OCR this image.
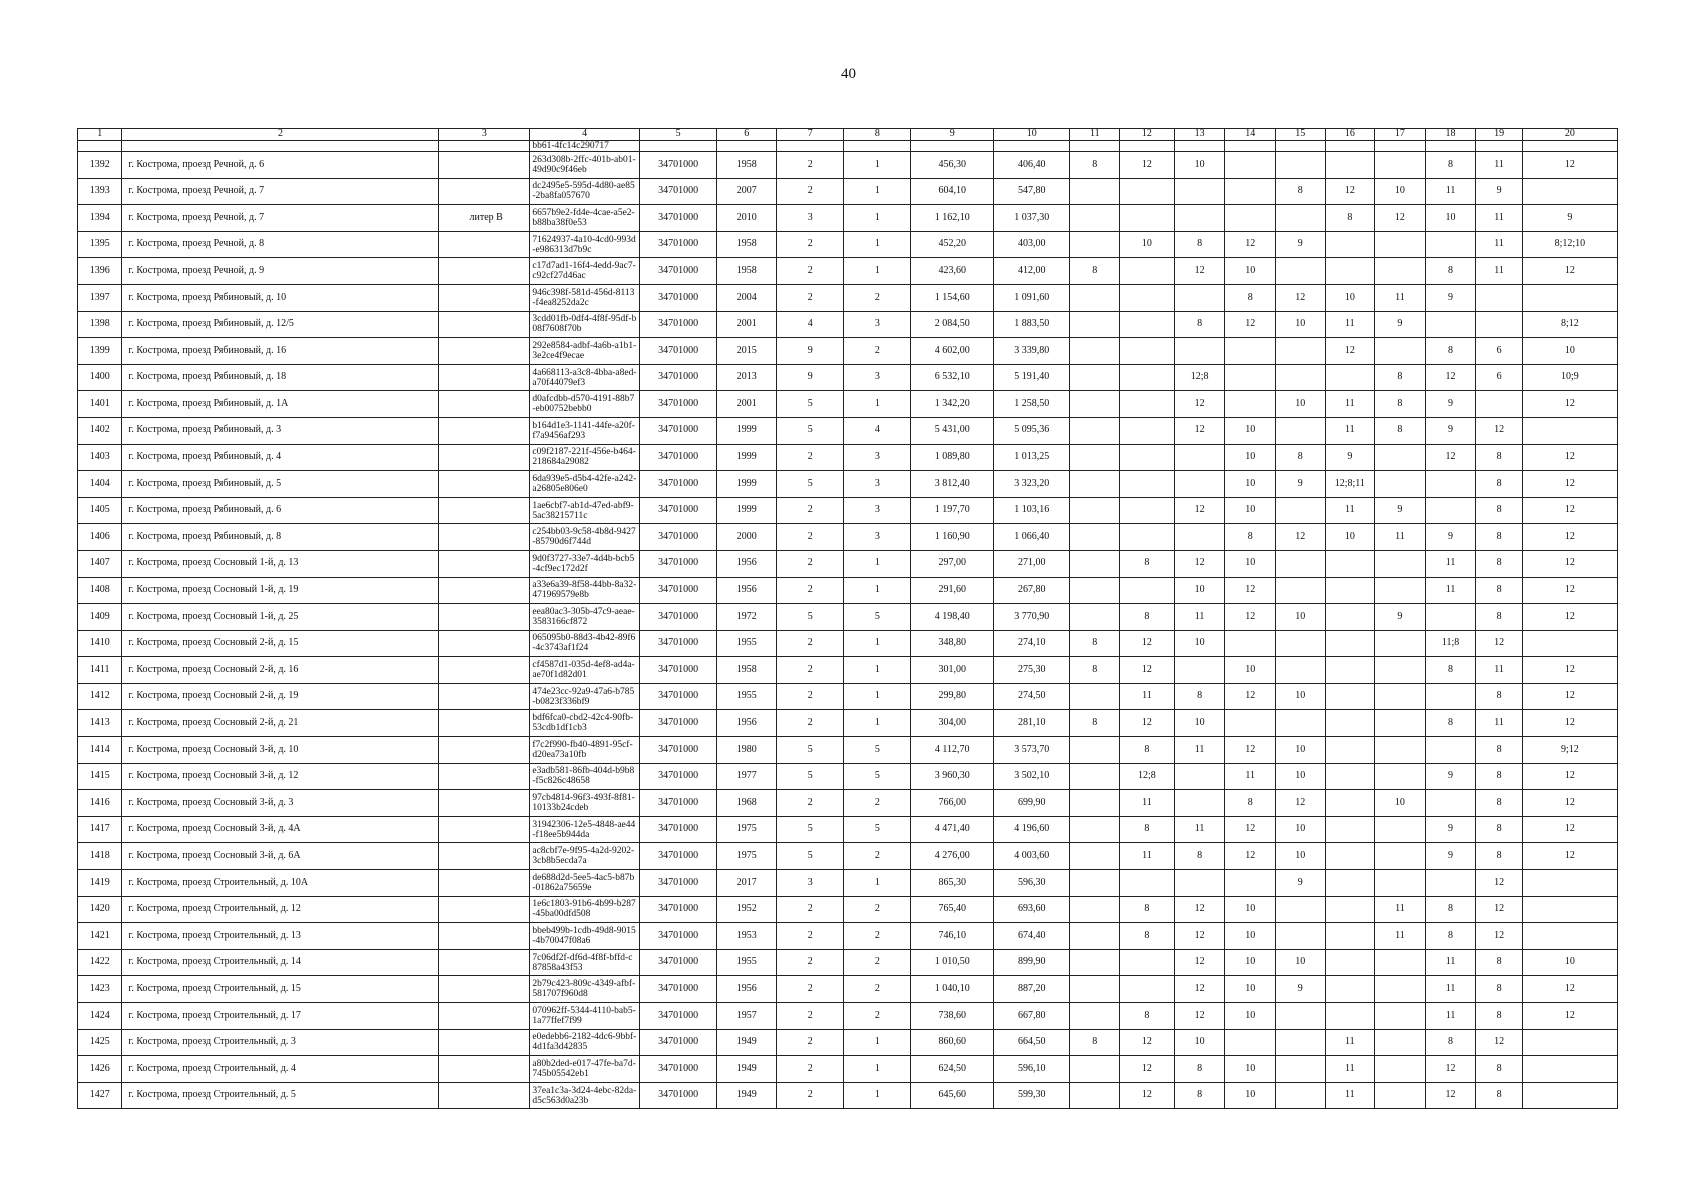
40
1	2	3	4	5	6	7	8	9	10	11	12	13	14	15	16	17	18	19	20
			bb61-4fc14c290717																
1392	г. Кострома, проезд Речной, д. 6		263d308b-2ffc-401b-ab01-49d90c9f46eb	34701000	1958	2	1	456,30	406,40	8	12	10					8	11	12
1393	г. Кострома, проезд Речной, д. 7		dc2495e5-595d-4d80-ae85-2ba8fa057670	34701000	2007	2	1	604,10	547,80					8	12	10	11	9	
1394	г. Кострома, проезд Речной, д. 7	литер В	6657b9e2-fd4e-4cae-a5e2-b88ba38f0e53	34701000	2010	3	1	1 162,10	1 037,30						8	12	10	11	9
1395	г. Кострома, проезд Речной, д. 8		71624937-4a10-4cd0-993d-e986313d7b9c	34701000	1958	2	1	452,20	403,00		10	8	12	9				11	8;12;10
1396	г. Кострома, проезд Речной, д. 9		c17d7ad1-16f4-4edd-9ac7-c92cf27d46ac	34701000	1958	2	1	423,60	412,00	8		12	10				8	11	12
1397	г. Кострома, проезд Рябиновый, д. 10		946c398f-581d-456d-8113-f4ea8252da2c	34701000	2004	2	2	1 154,60	1 091,60				8	12	10	11	9		
1398	г. Кострома, проезд Рябиновый, д. 12/5		3cdd01fb-0df4-4f8f-95df-b08f7608f70b	34701000	2001	4	3	2 084,50	1 883,50			8	12	10	11	9			8;12
1399	г. Кострома, проезд Рябиновый, д. 16		292e8584-adbf-4a6b-a1b1-3e2ce4f9ecae	34701000	2015	9	2	4 602,00	3 339,80						12		8	6	10
1400	г. Кострома, проезд Рябиновый, д. 18		4a668113-a3c8-4bba-a8ed-a70f44079ef3	34701000	2013	9	3	6 532,10	5 191,40			12;8				8	12	6	10;9
1401	г. Кострома, проезд Рябиновый, д. 1А		d0afcdbb-d570-4191-88b7-eb00752bebb0	34701000	2001	5	1	1 342,20	1 258,50			12		10	11	8	9		12
1402	г. Кострома, проезд Рябиновый, д. 3		b164d1e3-1141-44fe-a20f-f7a9456af293	34701000	1999	5	4	5 431,00	5 095,36			12	10		11	8	9	12	
1403	г. Кострома, проезд Рябиновый, д. 4		c09f2187-221f-456e-b464-218684a29082	34701000	1999	2	3	1 089,80	1 013,25				10	8	9		12	8	12
1404	г. Кострома, проезд Рябиновый, д. 5		6da939e5-d5b4-42fe-a242-a26805e806e0	34701000	1999	5	3	3 812,40	3 323,20				10	9	12;8;11			8	12
1405	г. Кострома, проезд Рябиновый, д. 6		1ae6cbf7-ab1d-47ed-abf9-5ac38215711c	34701000	1999	2	3	1 197,70	1 103,16			12	10		11	9		8	12
1406	г. Кострома, проезд Рябиновый, д. 8		c254bb03-9c58-4b8d-9427-85790d6f744d	34701000	2000	2	3	1 160,90	1 066,40				8	12	10	11	9	8	12
1407	г. Кострома, проезд Сосновый 1-й, д. 13		9d0f3727-33e7-4d4b-bcb5-4cf9ec172d2f	34701000	1956	2	1	297,00	271,00		8	12	10				11	8	12
1408	г. Кострома, проезд Сосновый 1-й, д. 19		a33e6a39-8f58-44bb-8a32-471969579e8b	34701000	1956	2	1	291,60	267,80			10	12				11	8	12
1409	г. Кострома, проезд Сосновый 1-й, д. 25		eea80ac3-305b-47c9-aeae-3583166cf872	34701000	1972	5	5	4 198,40	3 770,90		8	11	12	10		9		8	12
1410	г. Кострома, проезд Сосновый 2-й, д. 15		065095b0-88d3-4b42-89f6-4c3743af1f24	34701000	1955	2	1	348,80	274,10	8	12	10					11;8	12	
1411	г. Кострома, проезд Сосновый 2-й, д. 16		cf4587d1-035d-4ef8-ad4a-ae70f1d82d01	34701000	1958	2	1	301,00	275,30	8	12		10				8	11	12
1412	г. Кострома, проезд Сосновый 2-й, д. 19		474e23cc-92a9-47a6-b785-b0823f336bf9	34701000	1955	2	1	299,80	274,50		11	8	12	10				8	12
1413	г. Кострома, проезд Сосновый 2-й, д. 21		bdf6fca0-cbd2-42c4-90fb-53cdb1df1cb3	34701000	1956	2	1	304,00	281,10	8	12	10					8	11	12
1414	г. Кострома, проезд Сосновый 3-й, д. 10		f7c2f990-fb40-4891-95cf-d20ea73a10fb	34701000	1980	5	5	4 112,70	3 573,70		8	11	12	10				8	9;12
1415	г. Кострома, проезд Сосновый 3-й, д. 12		e3adb581-86fb-404d-b9b8-f5c826c48658	34701000	1977	5	5	3 960,30	3 502,10		12;8		11	10			9	8	12
1416	г. Кострома, проезд Сосновый 3-й, д. 3		97cb4814-96f3-493f-8f81-10133b24cdeb	34701000	1968	2	2	766,00	699,90		11		8	12		10		8	12
1417	г. Кострома, проезд Сосновый 3-й, д. 4А		31942306-12e5-4848-ae44-f18ee5b944da	34701000	1975	5	5	4 471,40	4 196,60		8	11	12	10			9	8	12
1418	г. Кострома, проезд Сосновый 3-й, д. 6А		ac8cbf7e-9f95-4a2d-9202-3cb8b5ecda7a	34701000	1975	5	2	4 276,00	4 003,60		11	8	12	10			9	8	12
1419	г. Кострома, проезд Строительный, д. 10А		de688d2d-5ee5-4ac5-b87b-01862a75659e	34701000	2017	3	1	865,30	596,30					9				12	
1420	г. Кострома, проезд Строительный, д. 12		1e6c1803-91b6-4b99-b287-45ba00dfd508	34701000	1952	2	2	765,40	693,60		8	12	10			11	8	12	
1421	г. Кострома, проезд Строительный, д. 13		bbeb499b-1cdb-49d8-9015-4b70047f08a6	34701000	1953	2	2	746,10	674,40		8	12	10			11	8	12	
1422	г. Кострома, проезд Строительный, д. 14		7c06df2f-df6d-4f8f-bffd-c87858a43f53	34701000	1955	2	2	1 010,50	899,90			12	10	10			11	8	10
1423	г. Кострома, проезд Строительный, д. 15		2b79c423-809c-4349-afbf-581707f960d8	34701000	1956	2	2	1 040,10	887,20			12	10	9			11	8	12
1424	г. Кострома, проезд Строительный, д. 17		070962ff-5344-4110-bab5-1a77ffef7f99	34701000	1957	2	2	738,60	667,80		8	12	10				11	8	12
1425	г. Кострома, проезд Строительный, д. 3		e0edebb6-2182-4dc6-9bbf-4d1fa3d42835	34701000	1949	2	1	860,60	664,50	8	12	10			11		8	12	
1426	г. Кострома, проезд Строительный, д. 4		a80b2ded-e017-47fe-ba7d-745b05542eb1	34701000	1949	2	1	624,50	596,10		12	8	10		11		12	8	
1427	г. Кострома, проезд Строительный, д. 5		37ea1c3a-3d24-4ebc-82da-d5c563d0a23b	34701000	1949	2	1	645,60	599,30		12	8	10		11		12	8	
